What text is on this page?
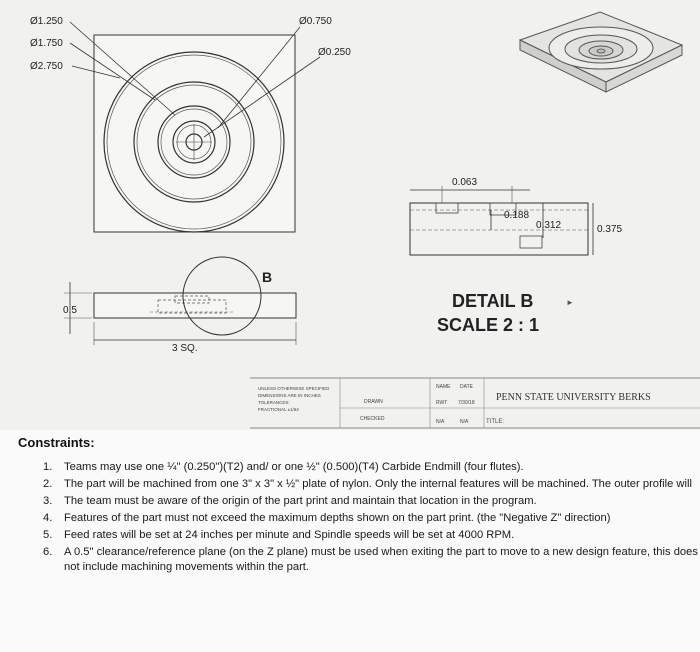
Ø1.250
Ø1.750
Ø2.750
Ø0.750
Ø0.250
B
0.5
3 SQ.
0.063
0.188
0.312	0.375
DETAIL B	►
SCALE 2 : 1
UNLESS OTHERWISE SPECIFIED
DIMENSIONS ARE IN INCHES
TOLERANCES:
FRACTIONAL ±1/64
DRAWN
CHECKED
NAME DATE
RWT 7/30/18
N/A	N/A
PENN STATE UNIVERSITY BERKS
TITLE:
Constraints:
1. Teams may use one ¼" (0.250")(T2) and/ or one ½" (0.500)(T4) Carbide Endmill (four flutes).
2. The part will be machined from one 3" x 3" x ½" plate of nylon. Only the internal features will be machined. The outer profile will
3. The team must be aware of the origin of the part print and maintain that location in the program.
4. Features of the part must not exceed the maximum depths shown on the part print. (the "Negative Z" direction)
5. Feed rates will be set at 24 inches per minute and Spindle speeds will be set at 4000 RPM.
6. A 0.5" clearance/reference plane (on the Z plane) must be used when exiting the part to move to a new design feature, this does not include machining movements within the part.
